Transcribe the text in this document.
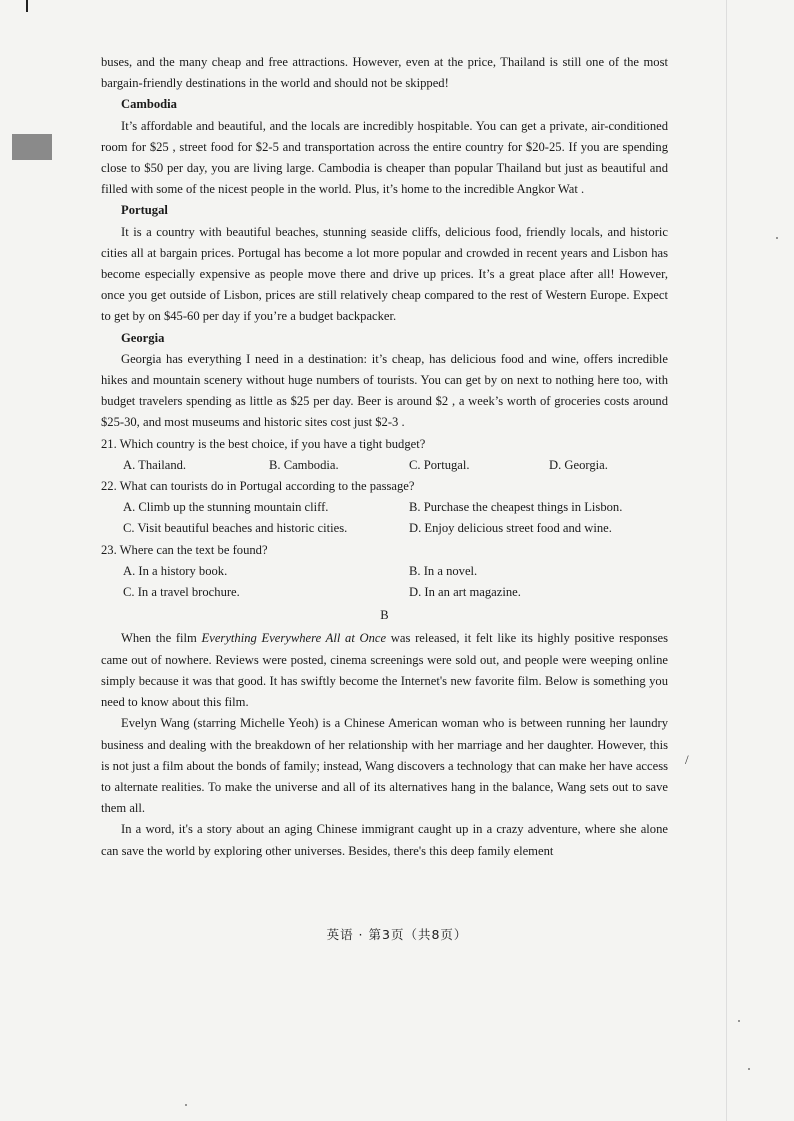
buses, and the many cheap and free attractions. However, even at the price, Thailand is still one of the most bargain-friendly destinations in the world and should not be skipped!

Cambodia

It’s affordable and beautiful, and the locals are incredibly hospitable. You can get a private, air-conditioned room for $25 , street food for $2-5 and transportation across the entire country for $20-25. If you are spending close to $50 per day, you are living large. Cambodia is cheaper than popular Thailand but just as beautiful and filled with some of the nicest people in the world. Plus, it’s home to the incredible Angkor Wat .

Portugal

It is a country with beautiful beaches, stunning seaside cliffs, delicious food, friendly locals, and historic cities all at bargain prices. Portugal has become a lot more popular and crowded in recent years and Lisbon has become especially expensive as people move there and drive up prices. It’s a great place after all! However, once you get outside of Lisbon, prices are still relatively cheap compared to the rest of Western Europe. Expect to get by on $45-60 per day if you’re a budget backpacker.

Georgia

Georgia has everything I need in a destination: it’s cheap, has delicious food and wine, offers incredible hikes and mountain scenery without huge numbers of tourists. You can get by on next to nothing here too, with budget travelers spending as little as $25 per day. Beer is around $2 , a week’s worth of groceries costs around $25-30, and most museums and historic sites cost just $2-3 .

21. Which country is the best choice, if you have a tight budget?

A. Thailand.	B. Cambodia.	C. Portugal.	D. Georgia.

22. What can tourists do in Portugal according to the passage?

A. Climb up the stunning mountain cliff.	B. Purchase the cheapest things in Lisbon.
C. Visit beautiful beaches and historic cities.	D. Enjoy delicious street food and wine.

23. Where can the text be found?

A. In a history book.	B. In a novel.
C. In a travel brochure.	D. In an art magazine.

B

When the film Everything Everywhere All at Once was released, it felt like its highly positive responses came out of nowhere. Reviews were posted, cinema screenings were sold out, and people were weeping online simply because it was that good. It has swiftly become the Internet's new favorite film. Below is something you need to know about this film.

Evelyn Wang (starring Michelle Yeoh) is a Chinese American woman who is between running her laundry business and dealing with the breakdown of her relationship with her marriage and her daughter. However, this is not just a film about the bonds of family; instead, Wang discovers a technology that can make her have access to alternate realities. To make the universe and all of its alternatives hang in the balance, Wang sets out to save them all.

In a word, it's a story about an aging Chinese immigrant caught up in a crazy adventure, where she alone can save the world by exploring other universes. Besides, there's this deep family element

/
英语 · 第3页（共8页）
